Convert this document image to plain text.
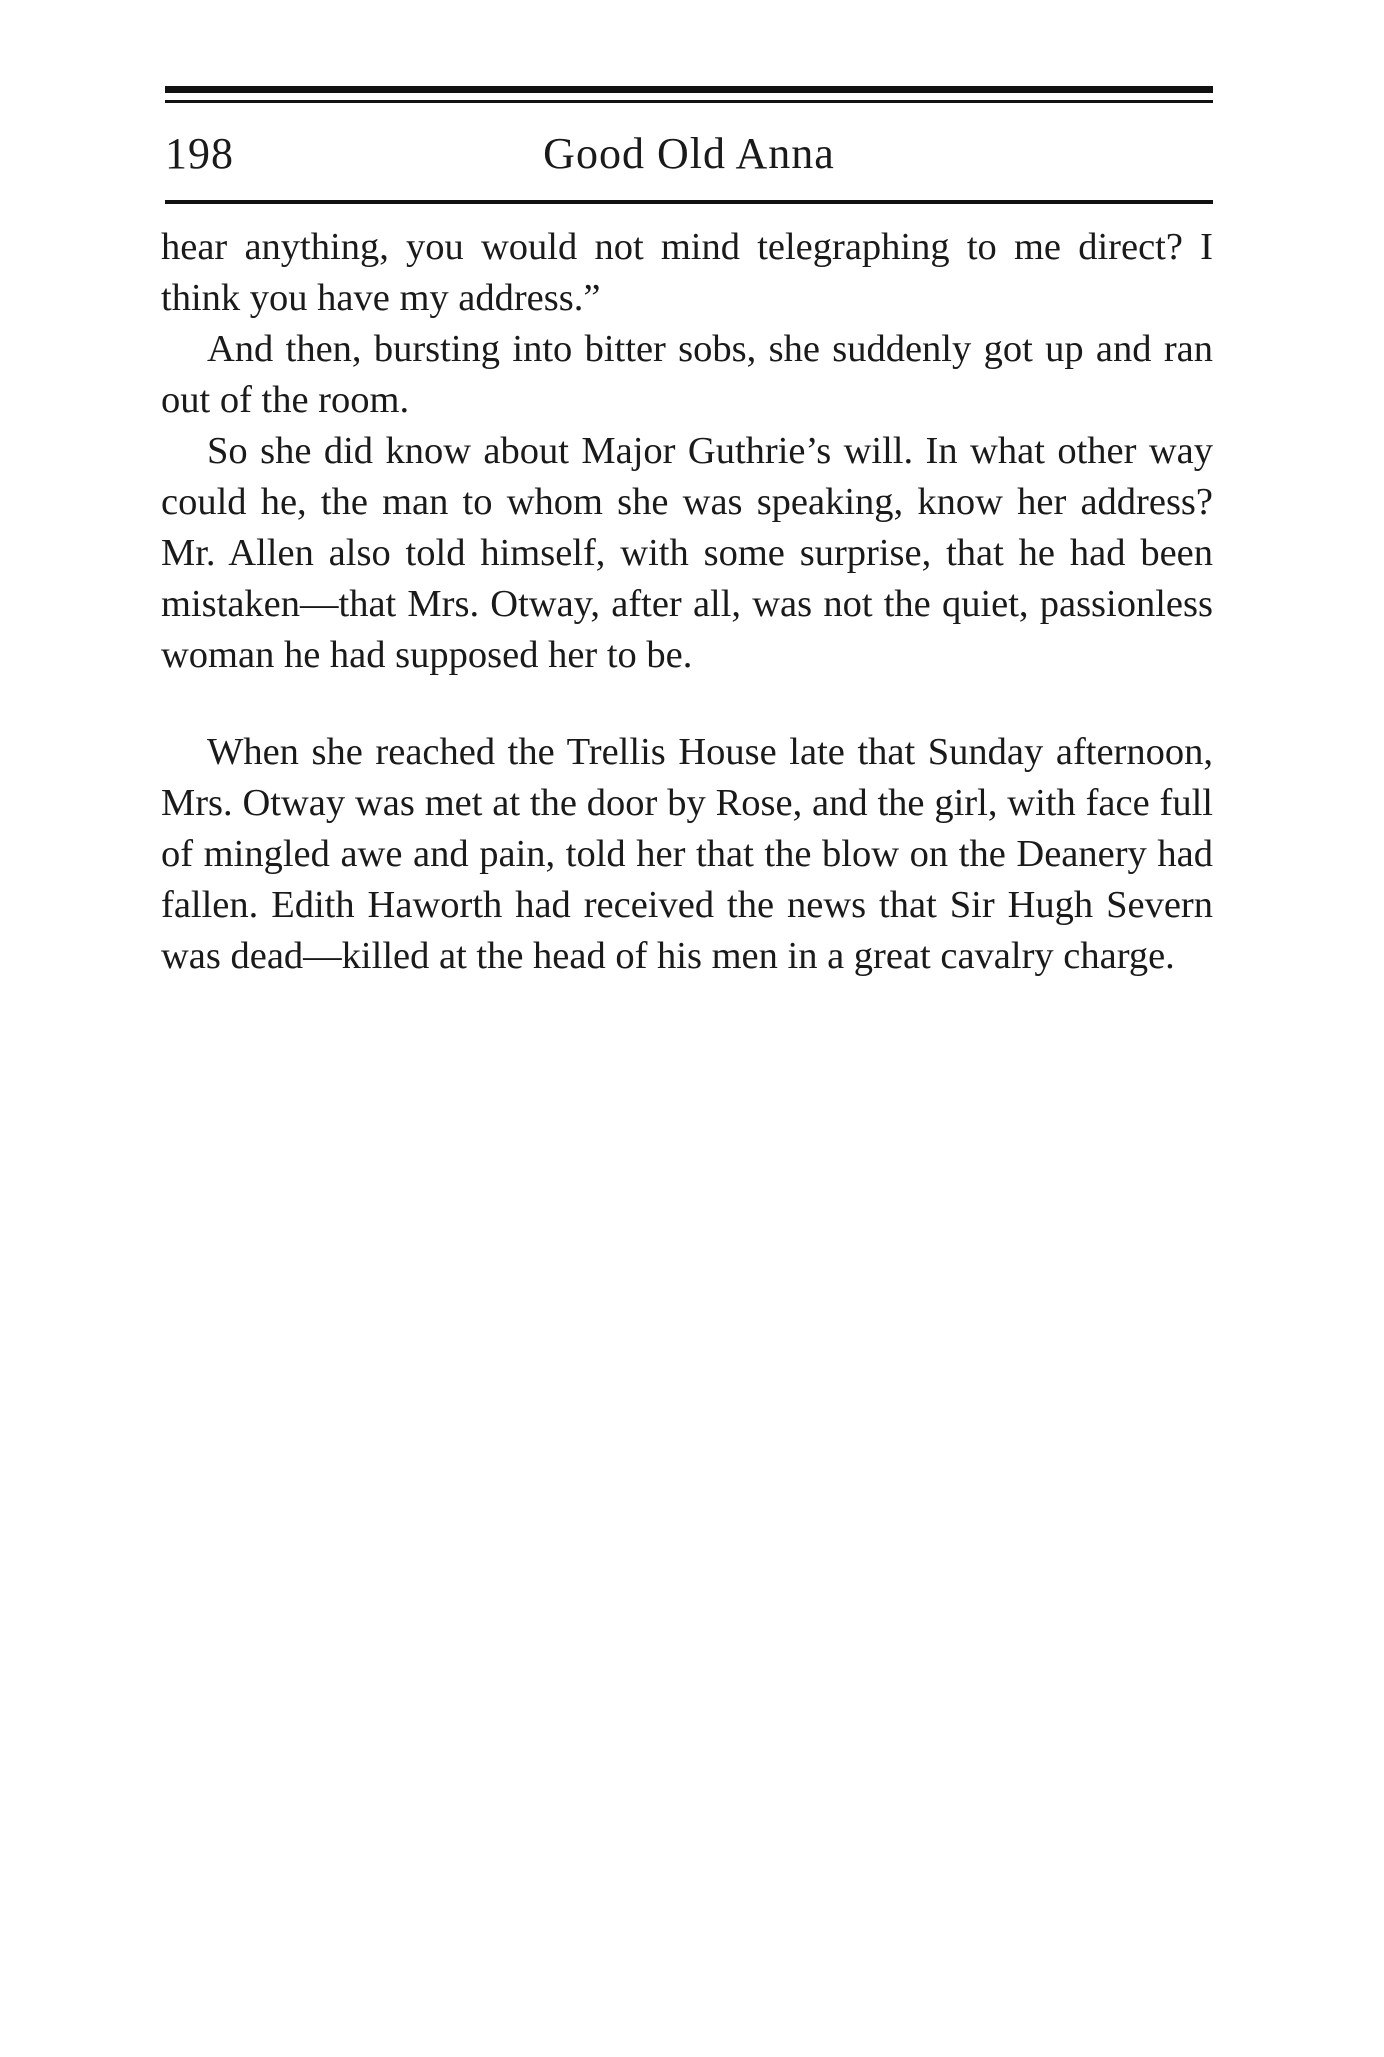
198	Good Old Anna

hear anything, you would not mind telegraphing to me direct? I think you have my address.”

And then, bursting into bitter sobs, she suddenly got up and ran out of the room.

So she did know about Major Guthrie’s will. In what other way could he, the man to whom she was speaking, know her address? Mr. Allen also told himself, with some surprise, that he had been mistaken—that Mrs. Otway, after all, was not the quiet, passionless woman he had supposed her to be.

When she reached the Trellis House late that Sunday afternoon, Mrs. Otway was met at the door by Rose, and the girl, with face full of mingled awe and pain, told her that the blow on the Deanery had fallen. Edith Haworth had received the news that Sir Hugh Severn was dead—killed at the head of his men in a great cavalry charge.
